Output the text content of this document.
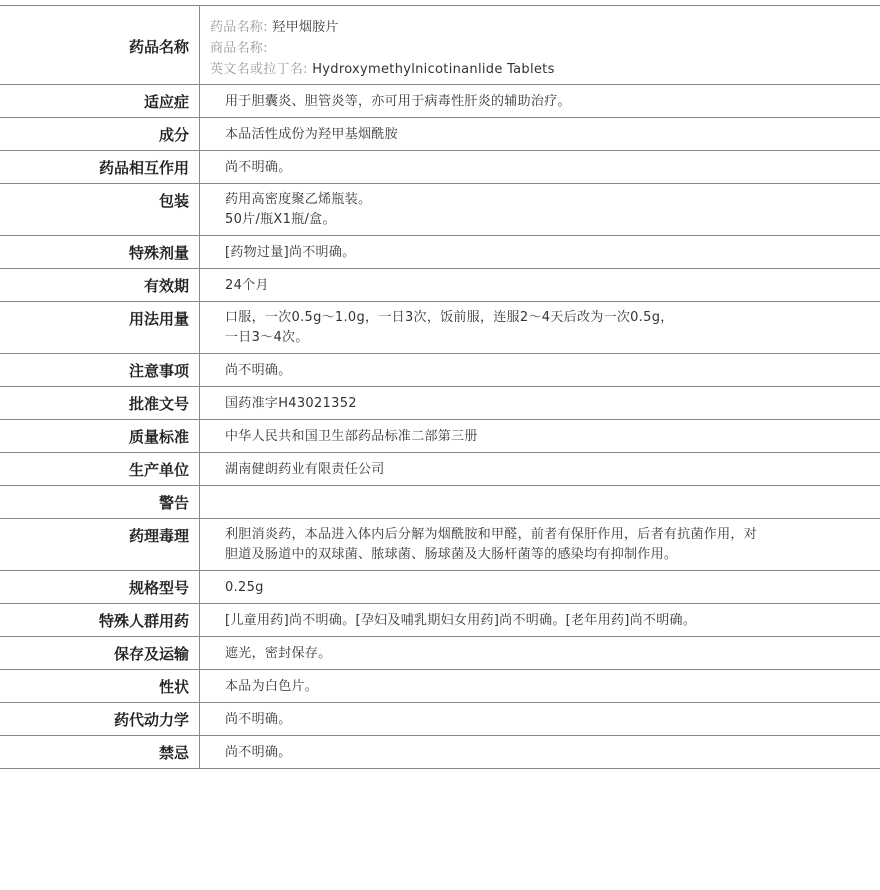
药品名称	药品名称: 羟甲烟胺片
商品名称:
英文名或拉丁名: Hydroxymethylnicotinanlide Tablets

适应症	用于胆囊炎、胆管炎等，亦可用于病毒性肝炎的辅助治疗。

成分	本品活性成份为羟甲基烟酰胺

药品相互作用	尚不明确。

包装	药用高密度聚乙烯瓶装。
50片/瓶X1瓶/盒。

特殊剂量	[药物过量]尚不明确。

有效期	24个月

用法用量	口服，一次0.5g～1.0g，一日3次，饭前服，连服2～4天后改为一次0.5g，
一日3～4次。

注意事项	尚不明确。

批准文号	国药准字H43021352

质量标准	中华人民共和国卫生部药品标准二部第三册

生产单位	湖南健朗药业有限责任公司

警告	

药理毒理	利胆消炎药，本品进入体内后分解为烟酰胺和甲醛，前者有保肝作用，后者有抗菌作用，对
胆道及肠道中的双球菌、脓球菌、肠球菌及大肠杆菌等的感染均有抑制作用。

规格型号	0.25g

特殊人群用药	[儿童用药]尚不明确。[孕妇及哺乳期妇女用药]尚不明确。[老年用药]尚不明确。

保存及运输	遮光，密封保存。

性状	本品为白色片。

药代动力学	尚不明确。

禁忌	尚不明确。
